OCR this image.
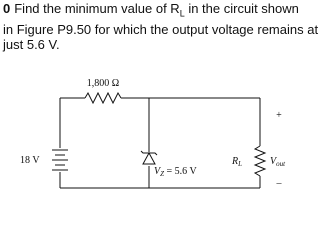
0 Find the minimum value of $R_L$ in the circuit shown
in Figure P9.50 for which the output voltage remains at
just 5.6 V.
1,800 Ω
18 V
$V_Z = 5.6$ V
$R_L$
+
$V_{out}$
–
